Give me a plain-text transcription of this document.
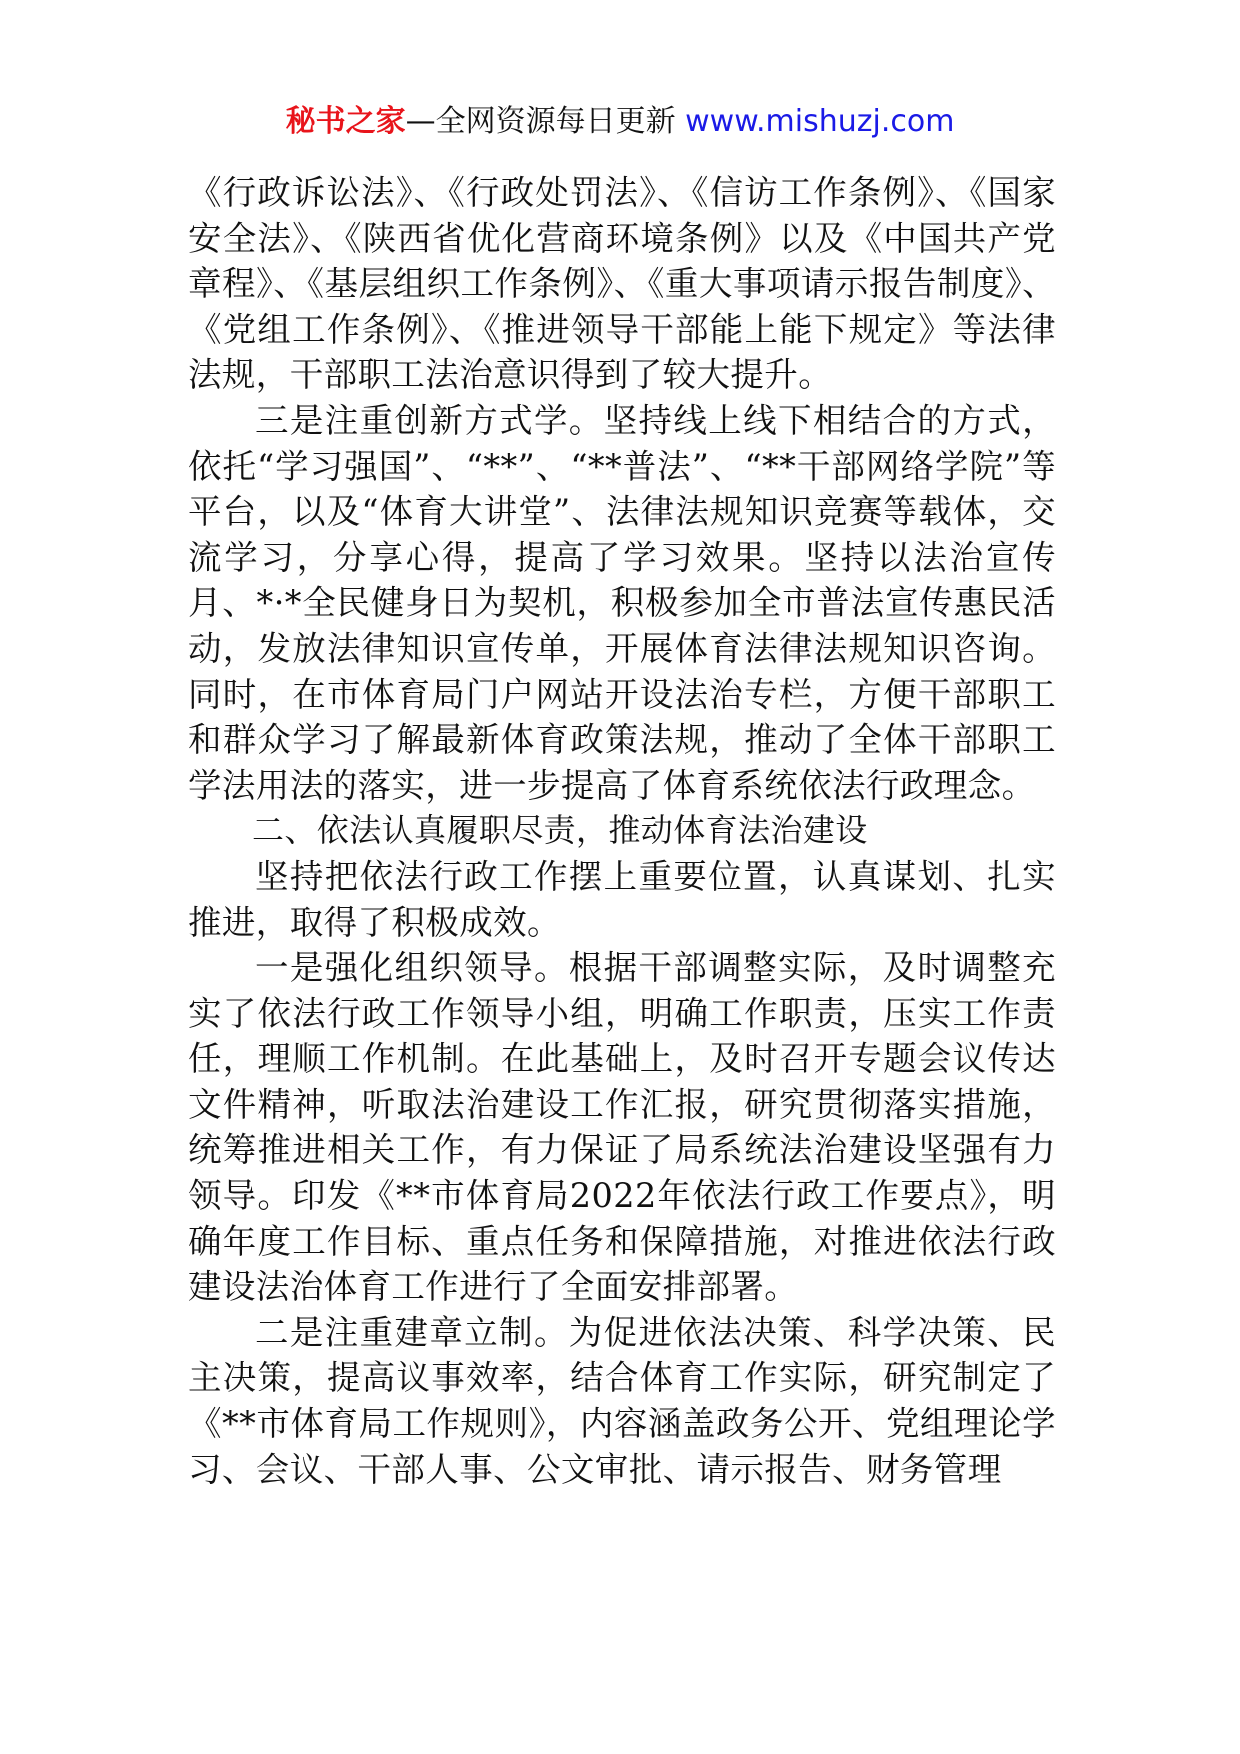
秘书之家—全网资源每日更新 www.mishuzj.com

《行政诉讼法》、《行政处罚法》、《信访工作条例》、《国家安全法》、《陕西省优化营商环境条例》以及《中国共产党章程》、《基层组织工作条例》、《重大事项请示报告制度》、《党组工作条例》、《推进领导干部能上能下规定》等法律法规，干部职工法治意识得到了较大提升。

三是注重创新方式学。坚持线上线下相结合的方式，依托“学习强国”、“**”、“**普法”、“**干部网络学院”等平台，以及“体育大讲堂”、法律法规知识竞赛等载体，交流学习，分享心得，提高了学习效果。坚持以法治宣传月、*·*全民健身日为契机，积极参加全市普法宣传惠民活动，发放法律知识宣传单，开展体育法律法规知识咨询。同时，在市体育局门户网站开设法治专栏，方便干部职工和群众学习了解最新体育政策法规，推动了全体干部职工学法用法的落实，进一步提高了体育系统依法行政理念。

二、依法认真履职尽责，推动体育法治建设

坚持把依法行政工作摆上重要位置，认真谋划、扎实推进，取得了积极成效。

一是强化组织领导。根据干部调整实际，及时调整充实了依法行政工作领导小组，明确工作职责，压实工作责任，理顺工作机制。在此基础上，及时召开专题会议传达文件精神，听取法治建设工作汇报，研究贯彻落实措施，统筹推进相关工作，有力保证了局系统法治建设坚强有力领导。印发《**市体育局2022年依法行政工作要点》，明确年度工作目标、重点任务和保障措施，对推进依法行政建设法治体育工作进行了全面安排部署。

二是注重建章立制。为促进依法决策、科学决策、民主决策，提高议事效率，结合体育工作实际，研究制定了《**市体育局工作规则》，内容涵盖政务公开、党组理论学习、会议、干部人事、公文审批、请示报告、财务管理
